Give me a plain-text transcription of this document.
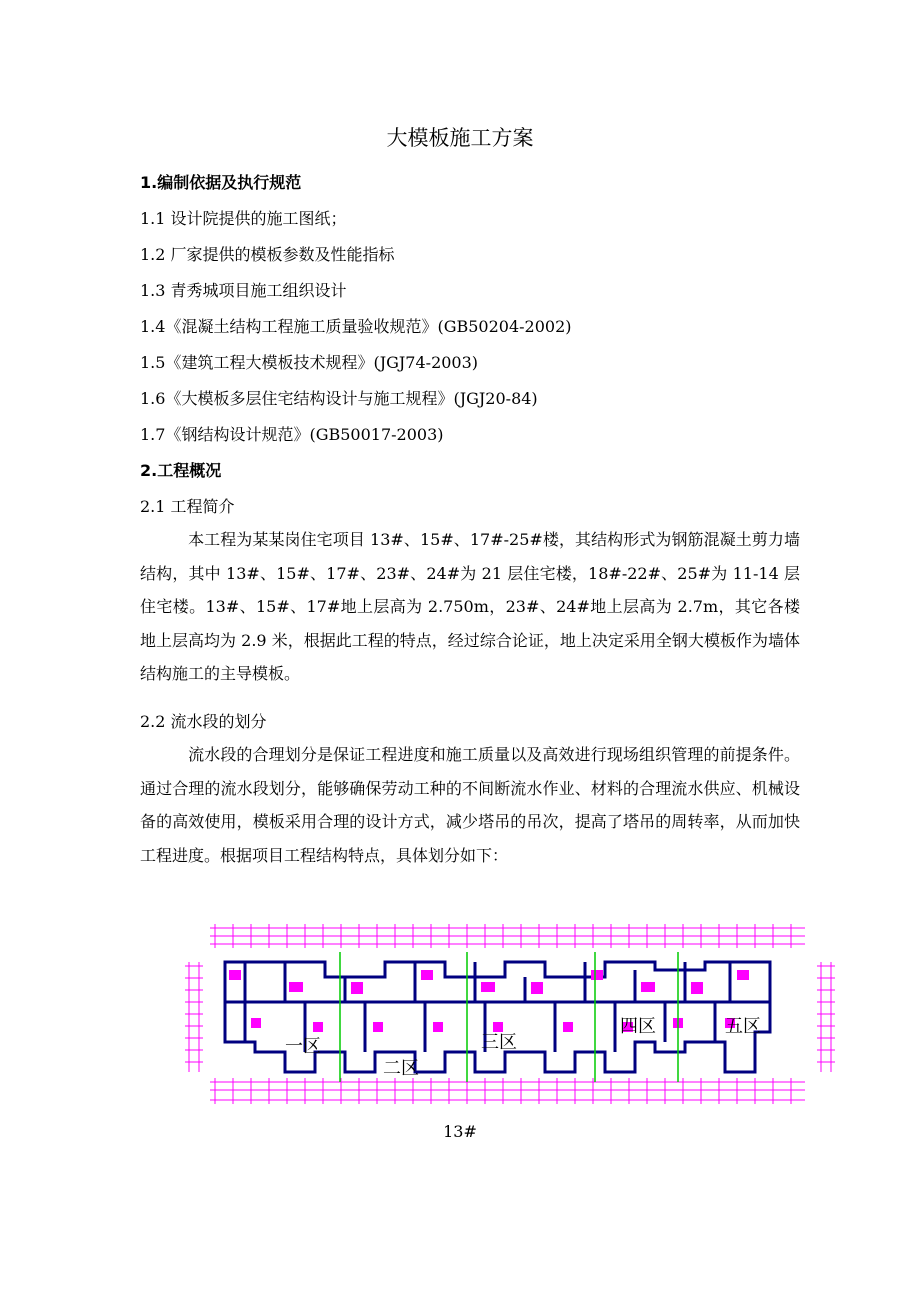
大模板施工方案
1.编制依据及执行规范
1.1 设计院提供的施工图纸；
1.2 厂家提供的模板参数及性能指标
1.3 青秀城项目施工组织设计
1.4《混凝土结构工程施工质量验收规范》(GB50204-2002)
1.5《建筑工程大模板技术规程》(JGJ74-2003)
1.6《大模板多层住宅结构设计与施工规程》(JGJ20-84)
1.7《钢结构设计规范》(GB50017-2003)
2.工程概况
2.1 工程简介
本工程为某某岗住宅项目 13#、15#、17#-25#楼，其结构形式为钢筋混凝土剪力墙结构，其中 13#、15#、17#、23#、24#为 21 层住宅楼，18#-22#、25#为 11-14 层住宅楼。13#、15#、17#地上层高为 2.750m，23#、24#地上层高为 2.7m，其它各楼地上层高均为 2.9 米，根据此工程的特点，经过综合论证，地上决定采用全钢大模板作为墙体结构施工的主导模板。
2.2 流水段的划分
流水段的合理划分是保证工程进度和施工质量以及高效进行现场组织管理的前提条件。通过合理的流水段划分，能够确保劳动工种的不间断流水作业、材料的合理流水供应、机械设备的高效使用，模板采用合理的设计方式，减少塔吊的吊次，提高了塔吊的周转率，从而加快工程进度。根据项目工程结构特点，具体划分如下：
一区
二区
三区
四区	五区
13#
